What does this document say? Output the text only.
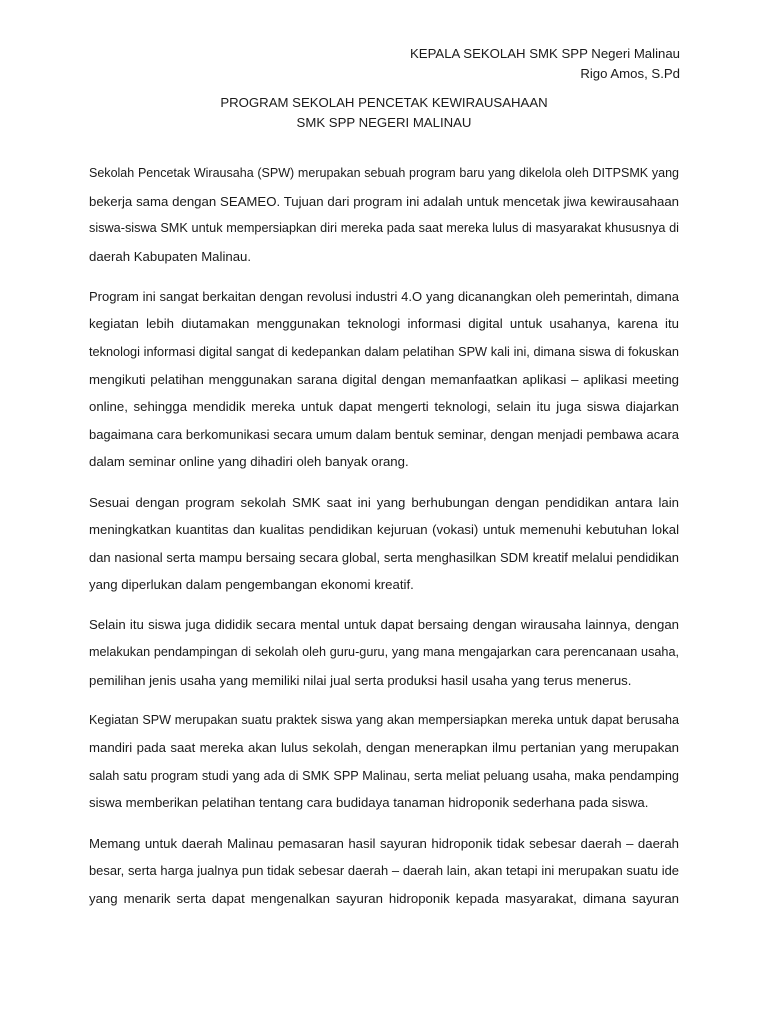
KEPALA SEKOLAH SMK SPP Negeri Malinau
Rigo Amos, S.Pd
PROGRAM SEKOLAH PENCETAK KEWIRAUSAHAAN
SMK SPP NEGERI MALINAU
Sekolah Pencetak Wirausaha (SPW) merupakan sebuah program baru yang dikelola oleh DITPSMK yang
bekerja sama dengan SEAMEO. Tujuan dari program ini adalah untuk mencetak jiwa kewirausahaan
siswa-siswa SMK untuk mempersiapkan diri mereka pada saat mereka lulus di masyarakat khususnya di
daerah Kabupaten Malinau.
Program ini sangat berkaitan dengan revolusi industri 4.O yang dicanangkan oleh pemerintah, dimana
kegiatan lebih diutamakan menggunakan teknologi informasi digital untuk usahanya, karena itu
teknologi informasi digital sangat di kedepankan dalam pelatihan SPW kali ini, dimana siswa di fokuskan
mengikuti pelatihan menggunakan sarana digital dengan memanfaatkan aplikasi – aplikasi meeting
online, sehingga mendidik mereka untuk dapat mengerti teknologi, selain itu juga siswa diajarkan
bagaimana cara berkomunikasi secara umum dalam bentuk seminar, dengan menjadi pembawa acara
dalam seminar online yang dihadiri oleh banyak orang.
Sesuai dengan program sekolah SMK saat ini yang berhubungan dengan pendidikan antara lain
meningkatkan kuantitas dan kualitas pendidikan kejuruan (vokasi) untuk memenuhi kebutuhan lokal
dan nasional serta mampu bersaing secara global, serta menghasilkan SDM kreatif melalui pendidikan
yang diperlukan dalam pengembangan ekonomi kreatif.
Selain itu siswa juga dididik secara mental untuk dapat bersaing dengan wirausaha lainnya, dengan
melakukan pendampingan di sekolah oleh guru-guru, yang mana mengajarkan cara perencanaan usaha,
pemilihan jenis usaha yang memiliki nilai jual serta produksi hasil usaha yang terus menerus.
Kegiatan SPW merupakan suatu praktek siswa yang akan mempersiapkan mereka untuk dapat berusaha
mandiri pada saat mereka akan lulus sekolah, dengan menerapkan ilmu pertanian yang merupakan
salah satu program studi yang ada di SMK SPP Malinau, serta meliat peluang usaha, maka pendamping
siswa memberikan pelatihan tentang cara budidaya tanaman hidroponik sederhana pada siswa.
Memang untuk daerah Malinau pemasaran hasil sayuran hidroponik tidak sebesar daerah – daerah
besar, serta harga jualnya pun tidak sebesar daerah – daerah lain, akan tetapi ini merupakan suatu ide
yang menarik serta dapat mengenalkan sayuran hidroponik kepada masyarakat, dimana sayuran
